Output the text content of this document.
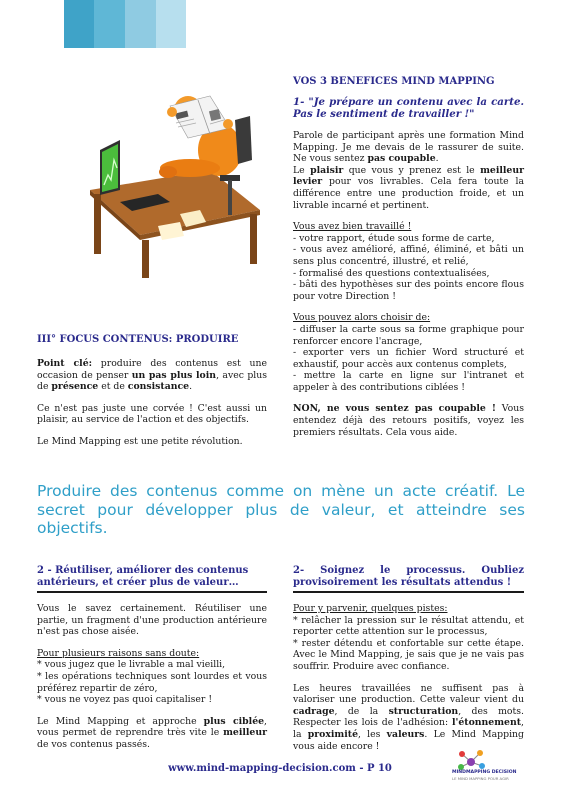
VOS 3 BENEFICES MIND MAPPING

1- "Je prépare un contenu avec la carte. Pas le sentiment de travailler !"

Parole de participant après une formation Mind Mapping. Je me devais de le rassurer de suite. Ne vous sentez pas coupable.

Le plaisir que vous y prenez est le meilleur levier pour vos livrables. Cela fera toute la différence entre une production froide, et un livrable incarné et pertinent.

Vous avez bien travaillé !

- votre rapport, étude sous forme de carte,

- vous avez amélioré, affiné, éliminé, et bâti un sens plus concentré, illustré, et relié,

- formalisé des questions contextualisées,

- bâti des hypothèses sur des points encore flous pour votre Direction !

Vous pouvez alors choisir de:

- diffuser la carte sous sa forme graphique pour renforcer encore l'ancrage,

- exporter vers un fichier Word structuré et exhaustif, pour accès aux contenus complets,

- mettre la carte en ligne sur l'intranet et appeler à des contributions ciblées !

NON, ne vous sentez pas coupable ! Vous entendez déjà des retours positifs, voyez les premiers résultats. Cela vous aide.

III° FOCUS CONTENUS: PRODUIRE

Point clé: produire des contenus est une occasion de penser un pas plus loin, avec plus de présence et de consistance.

Ce n'est pas juste une corvée ! C'est aussi un plaisir, au service de l'action et des objectifs.

Le Mind Mapping est une petite révolution.

Produire des contenus comme on mène un acte créatif. Le secret pour développer plus de valeur, et atteindre ses objectifs.

2 - Réutiliser, améliorer des contenus antérieurs, et créer plus de valeur…

Vous le savez certainement. Réutiliser une partie, un fragment d'une production antérieure n'est pas chose aisée.

Pour plusieurs raisons sans doute:

* vous jugez que le livrable a mal vieilli,

* les opérations techniques sont lourdes et vous préférez repartir de zéro,

* vous ne voyez pas quoi capitaliser !

Le Mind Mapping et approche plus ciblée, vous permet de reprendre très vite le meilleur de vos contenus passés.

2- Soignez le processus. Oubliez provisoirement les résultats attendus !

Pour y parvenir, quelques pistes:

* relâcher la pression sur le résultat attendu, et reporter cette attention sur le processus,

* rester détendu et confortable sur cette étape. Avec le Mind Mapping, je sais que je ne vais pas souffrir. Produire avec confiance.

Les heures travaillées ne suffisent pas à valoriser une production. Cette valeur vient du cadrage, de la structuration, des mots. Respecter les lois de l'adhésion: l'étonnement, la proximité, les valeurs. Le Mind Mapping vous aide encore !

www.mind-mapping-decision.com - P 10	MINDMAPPING DECISION

LE MIND MAPPING POUR AGIR
